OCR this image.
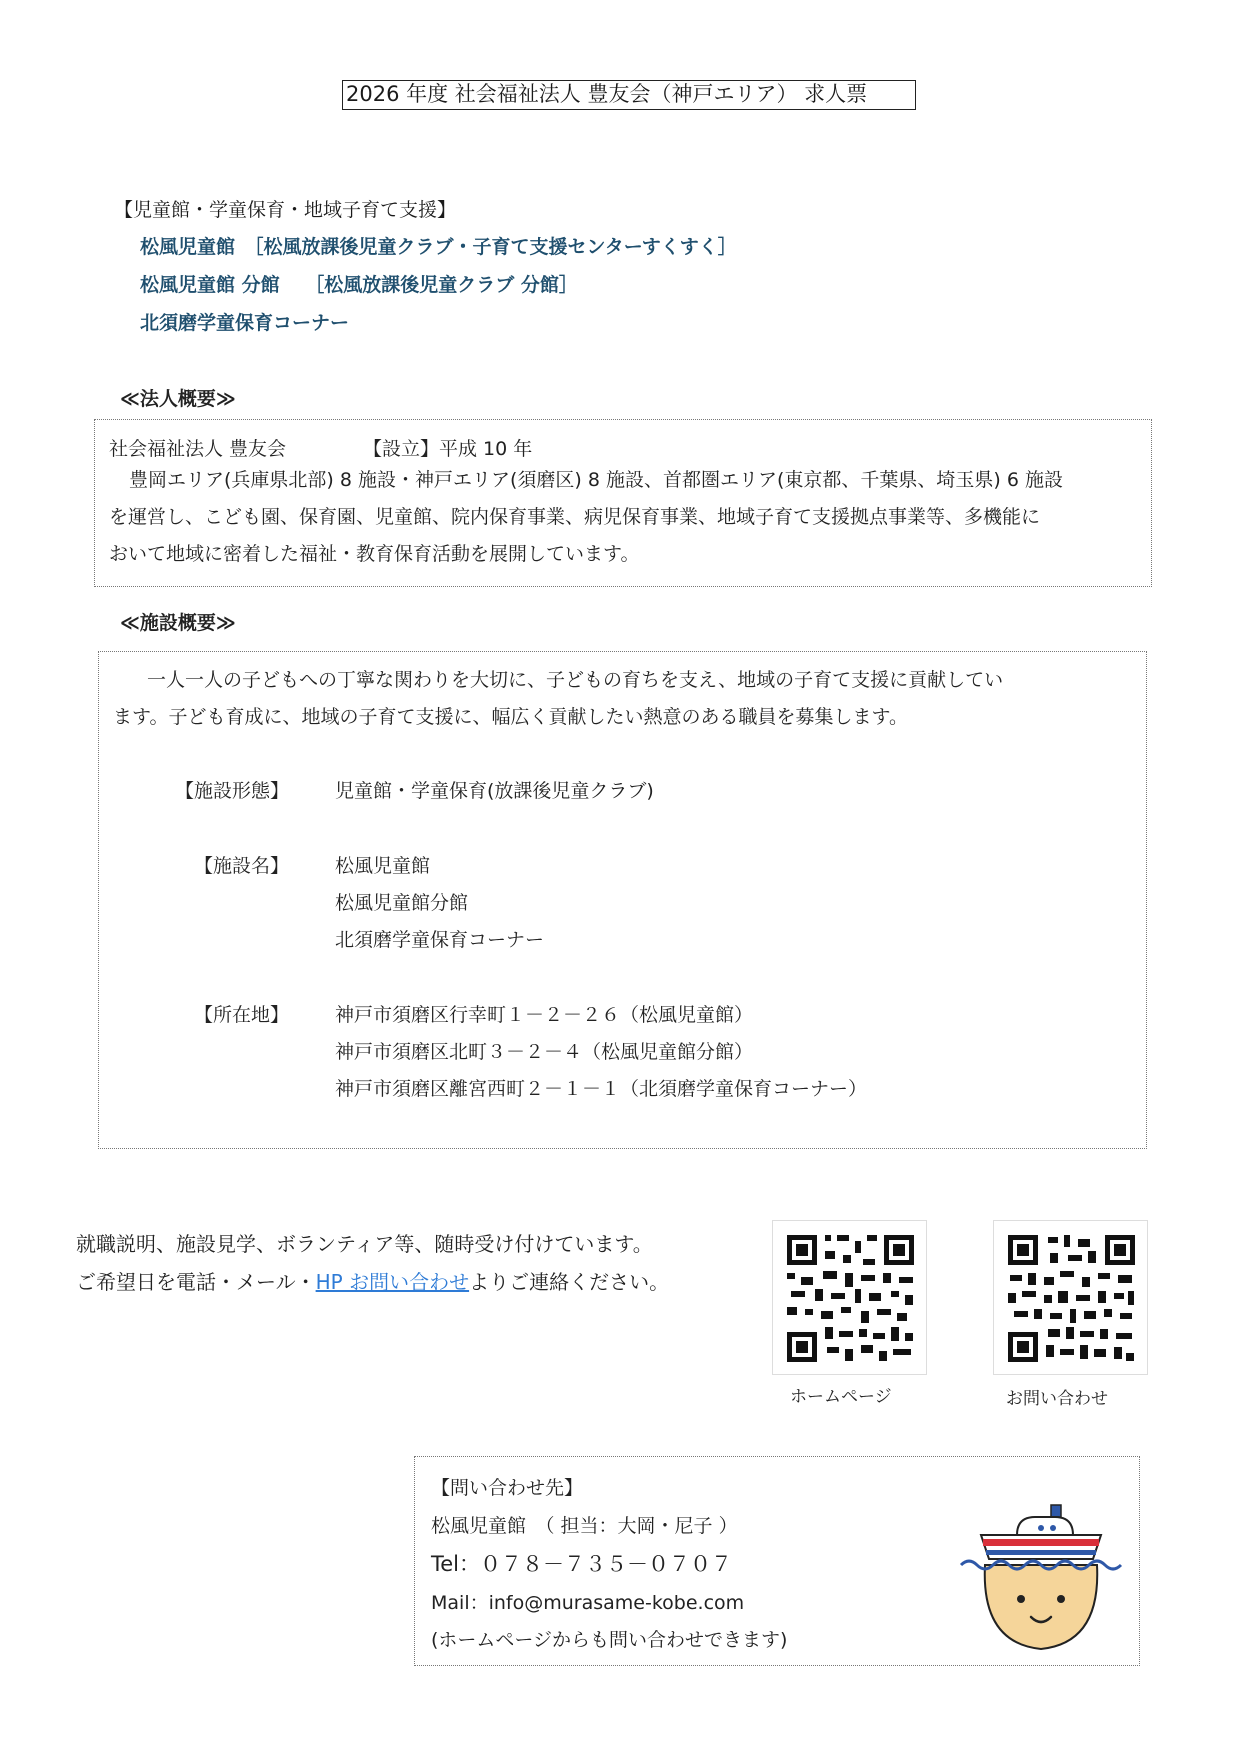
2026 年度 社会福祉法人 豊友会（神戸エリア） 求人票
【児童館・学童保育・地域子育て支援】
松風児童館　［松風放課後児童クラブ・子育て支援センターすくすく］
松風児童館 分館　 ［松風放課後児童クラブ 分館］
北須磨学童保育コーナー
≪法人概要≫
社会福祉法人 豊友会	【設立】平成 10 年
豊岡エリア(兵庫県北部) 8 施設・神戸エリア(須磨区) 8 施設、首都圏エリア(東京都、千葉県、埼玉県) 6 施設
を運営し、こども園、保育園、児童館、院内保育事業、病児保育事業、地域子育て支援拠点事業等、多機能に
おいて地域に密着した福祉・教育保育活動を展開しています。
≪施設概要≫
一人一人の子どもへの丁寧な関わりを大切に、子どもの育ちを支え、地域の子育て支援に貢献してい
ます。子ども育成に、地域の子育て支援に、幅広く貢献したい熱意のある職員を募集します。
【施設形態】 児童館・学童保育(放課後児童クラブ)
【施設名】 松風児童館
松風児童館分館
北須磨学童保育コーナー
【所在地】 神戸市須磨区行幸町１－２－２６（松風児童館）
神戸市須磨区北町３－２－４（松風児童館分館）
神戸市須磨区離宮西町２－１－１（北須磨学童保育コーナー）
就職説明、施設見学、ボランティア等、随時受け付けています。
ご希望日を電話・メール・HP お問い合わせよりご連絡ください。
ホームページ	お問い合わせ
【問い合わせ先】
松風児童館　（ 担当：大岡・尼子 ）
Tel：０７８－７３５－０７０７
Mail：info@murasame-kobe.com
(ホームページからも問い合わせできます)
